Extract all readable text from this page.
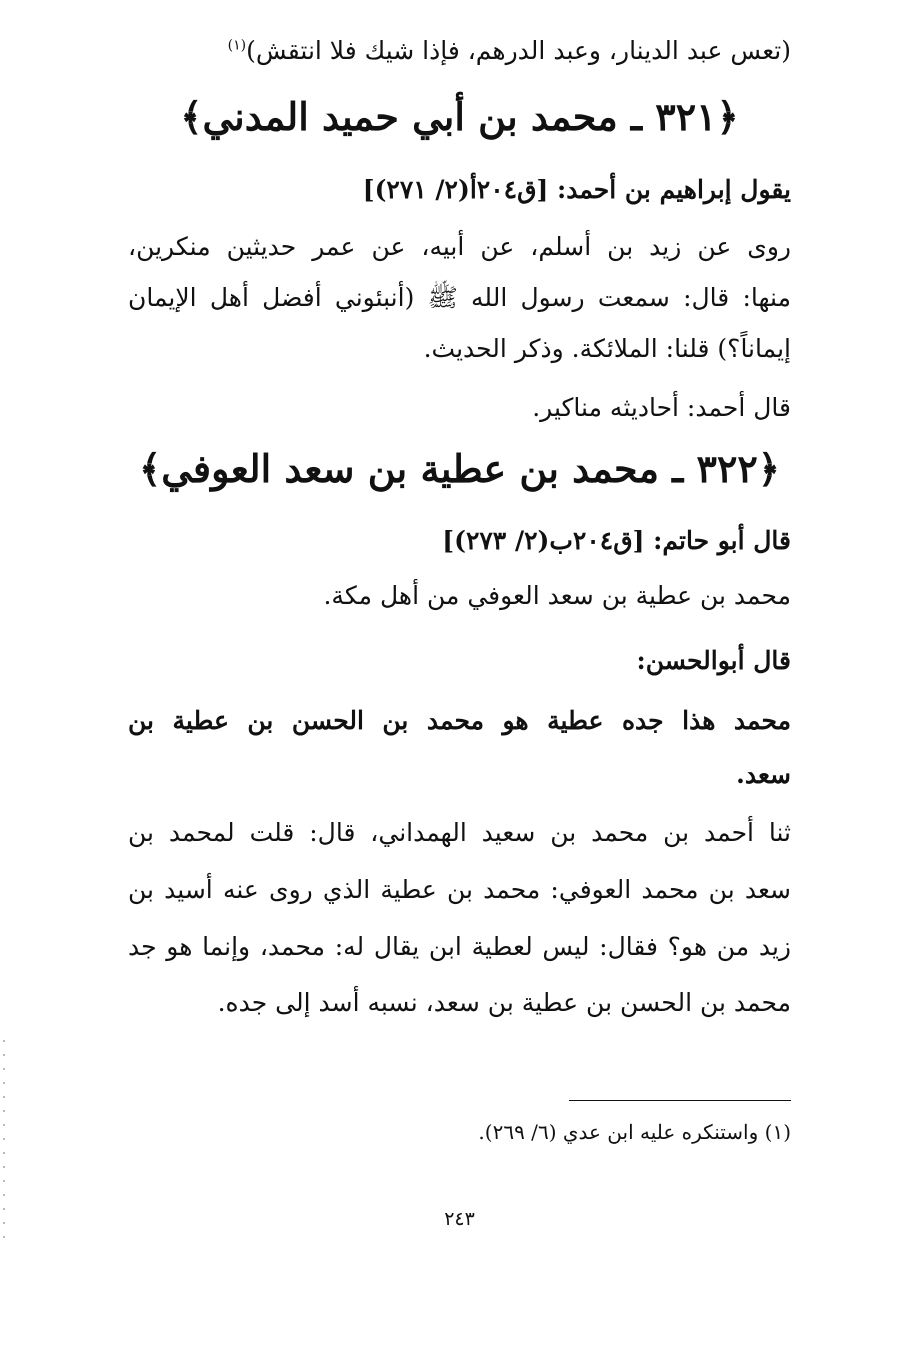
(تعس عبد الدينار، وعبد الدرهم، فإذا شيك فلا انتقش)$^{(١)}$
﴿٣٢١ ـ محمد بن أبي حميد المدني﴾
يقول إبراهيم بن أحمد: [ق٢٠٤أ(٢/ ٢٧١)]
روى عن زيد بن أسلم، عن أبيه، عن عمر حديثين منكرين،
منها: قال: سمعت رسول الله ﷺ (أنبئوني أفضل أهل الإيمان
إيماناً؟) قلنا: الملائكة. وذكر الحديث.
قال أحمد: أحاديثه مناكير.
﴿٣٢٢ ـ محمد بن عطية بن سعد العوفي﴾
قال أبو حاتم: [ق٢٠٤ب(٢/ ٢٧٣)]
محمد بن عطية بن سعد العوفي من أهل مكة.
قال أبوالحسن:
محمد هذا جده عطية هو محمد بن الحسن بن عطية بن
سعد.
ثنا أحمد بن محمد بن سعيد الهمداني، قال: قلت لمحمد بن
سعد بن محمد العوفي: محمد بن عطية الذي روى عنه أسيد بن
زيد من هو؟ فقال: ليس لعطية ابن يقال له: محمد، وإنما هو جد
محمد بن الحسن بن عطية بن سعد، نسبه أسد إلى جده.
(١) واستنكره عليه ابن عدي (٦/ ٢٦٩).
٢٤٣
